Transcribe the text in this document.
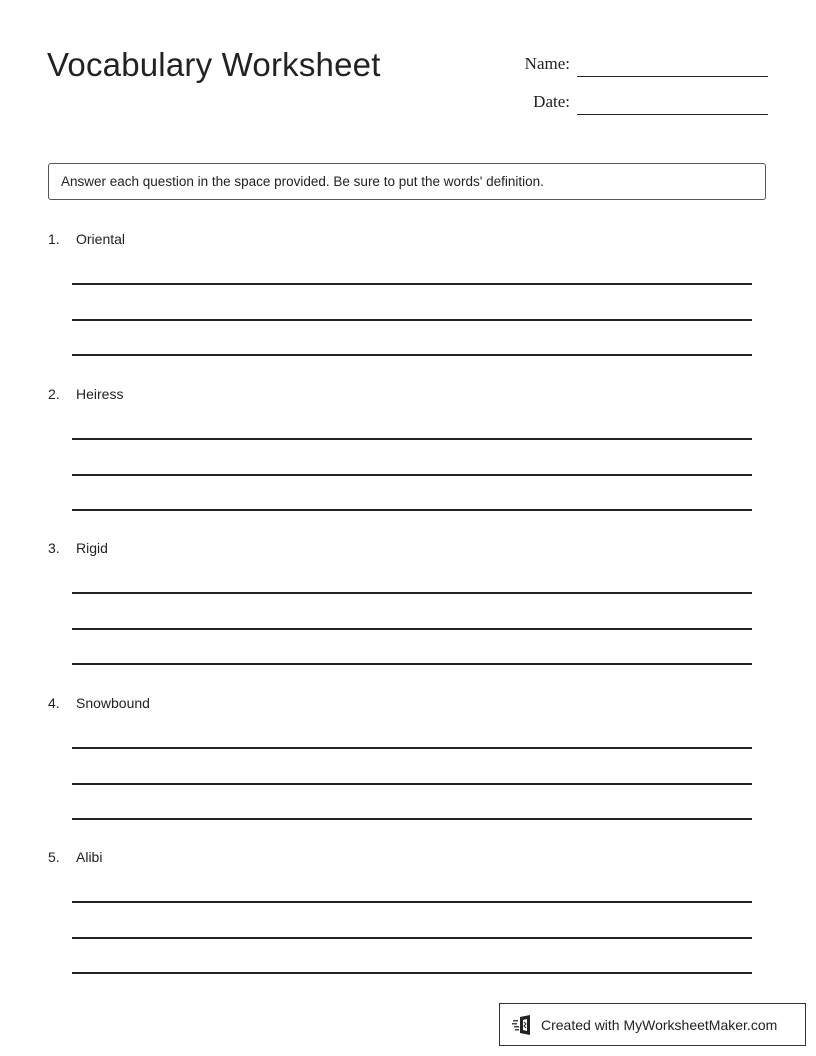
Vocabulary Worksheet	Name:
Date:
Answer each question in the space provided. Be sure to put the words' definition.
1. Oriental
2. Heiress
3. Rigid
4. Snowbound
5. Alibi
Created with MyWorksheetMaker.com
